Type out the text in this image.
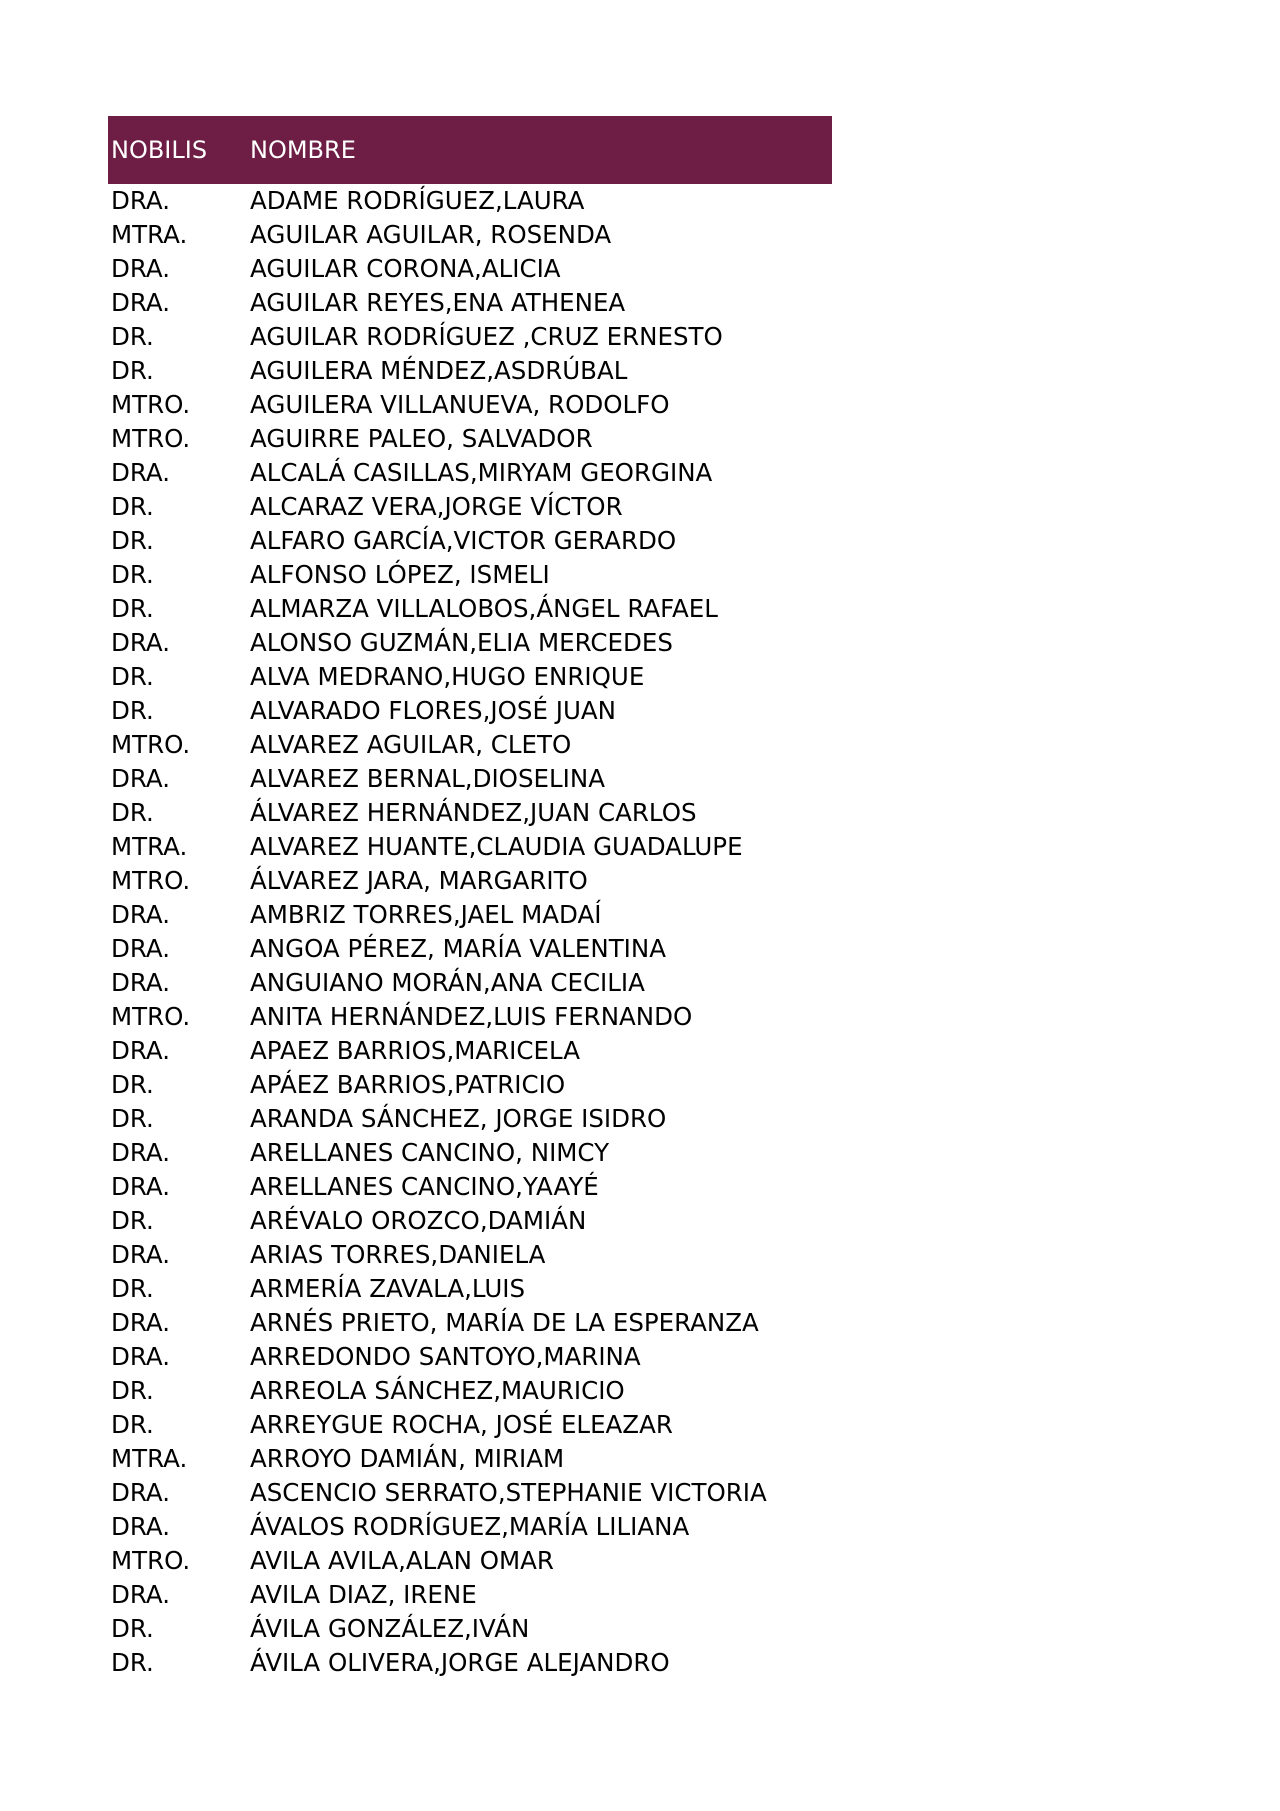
NOBILIS	NOMBRE
DRA.	ADAME RODRÍGUEZ,LAURA
MTRA.	AGUILAR AGUILAR, ROSENDA
DRA.	AGUILAR CORONA,ALICIA
DRA.	AGUILAR REYES,ENA ATHENEA
DR.	AGUILAR RODRÍGUEZ ,CRUZ ERNESTO
DR.	AGUILERA MÉNDEZ,ASDRÚBAL
MTRO.	AGUILERA VILLANUEVA, RODOLFO
MTRO.	AGUIRRE PALEO, SALVADOR
DRA.	ALCALÁ CASILLAS,MIRYAM GEORGINA
DR.	ALCARAZ VERA,JORGE VÍCTOR
DR.	ALFARO GARCÍA,VICTOR GERARDO
DR.	ALFONSO LÓPEZ, ISMELI
DR.	ALMARZA VILLALOBOS,ÁNGEL RAFAEL
DRA.	ALONSO GUZMÁN,ELIA MERCEDES
DR.	ALVA MEDRANO,HUGO ENRIQUE
DR.	ALVARADO FLORES,JOSÉ JUAN
MTRO.	ALVAREZ AGUILAR, CLETO
DRA.	ALVAREZ BERNAL,DIOSELINA
DR.	ÁLVAREZ HERNÁNDEZ,JUAN CARLOS
MTRA.	ALVAREZ HUANTE,CLAUDIA GUADALUPE
MTRO.	ÁLVAREZ JARA, MARGARITO
DRA.	AMBRIZ TORRES,JAEL MADAÍ
DRA.	ANGOA PÉREZ, MARÍA VALENTINA
DRA.	ANGUIANO MORÁN,ANA CECILIA
MTRO.	ANITA HERNÁNDEZ,LUIS FERNANDO
DRA.	APAEZ BARRIOS,MARICELA
DR.	APÁEZ BARRIOS,PATRICIO
DR.	ARANDA SÁNCHEZ, JORGE ISIDRO
DRA.	ARELLANES CANCINO, NIMCY
DRA.	ARELLANES CANCINO,YAAYÉ
DR.	ARÉVALO OROZCO,DAMIÁN
DRA.	ARIAS TORRES,DANIELA
DR.	ARMERÍA ZAVALA,LUIS
DRA.	ARNÉS PRIETO, MARÍA DE LA ESPERANZA
DRA.	ARREDONDO SANTOYO,MARINA
DR.	ARREOLA SÁNCHEZ,MAURICIO
DR.	ARREYGUE ROCHA, JOSÉ ELEAZAR
MTRA.	ARROYO DAMIÁN, MIRIAM
DRA.	ASCENCIO SERRATO,STEPHANIE VICTORIA
DRA.	ÁVALOS RODRÍGUEZ,MARÍA LILIANA
MTRO.	AVILA AVILA,ALAN OMAR
DRA.	AVILA DIAZ, IRENE
DR.	ÁVILA GONZÁLEZ,IVÁN
DR.	ÁVILA OLIVERA,JORGE ALEJANDRO
